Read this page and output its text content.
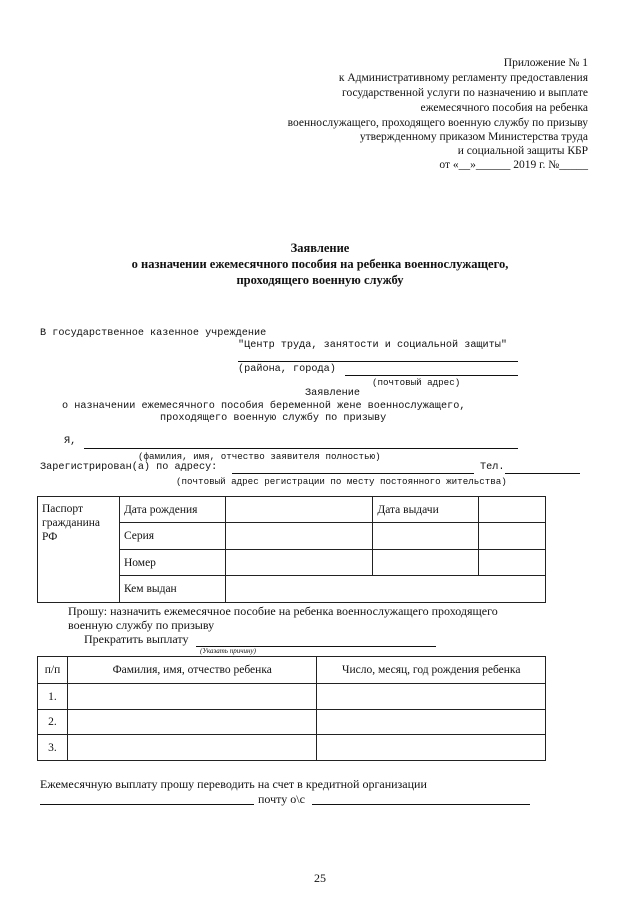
Приложение № 1
к Административному регламенту предоставления
государственной услуги по назначению и выплате
ежемесячного пособия на ребенка
военнослужащего, проходящего военную службу по призыву
утвержденному приказом Министерства труда
и социальной защиты КБР
от «__»______ 2019 г. №_____
Заявление
о назначении ежемесячного пособия на ребенка военнослужащего,
проходящего военную службу
В государственное казенное учреждение
"Центр труда, занятости и социальной защиты"
(района, города)
(почтовый адрес)
Заявление
о назначении ежемесячного пособия беременной жене военнослужащего,
проходящего военную службу по призыву
Я,
(фамилия, имя, отчество заявителя полностью)
Зарегистрирован(а) по адресу:	Тел.
(почтовый адрес регистрации по месту постоянного жительства)
Паспорт гражданина РФ	Дата рождения		Дата выдачи	
	Серия			
	Номер			
	Кем выдан			
Прошу: назначить ежемесячное пособие на ребенка военнослужащего проходящего
военную службу по призыву
Прекратить выплату
(Указать причину)
п/п	Фамилия, имя, отчество ребенка	Число, месяц, год рождения ребенка
1.		
2.		
3.		
Ежемесячную выплату прошу переводить на счет в кредитной организации
почту о\с
25
